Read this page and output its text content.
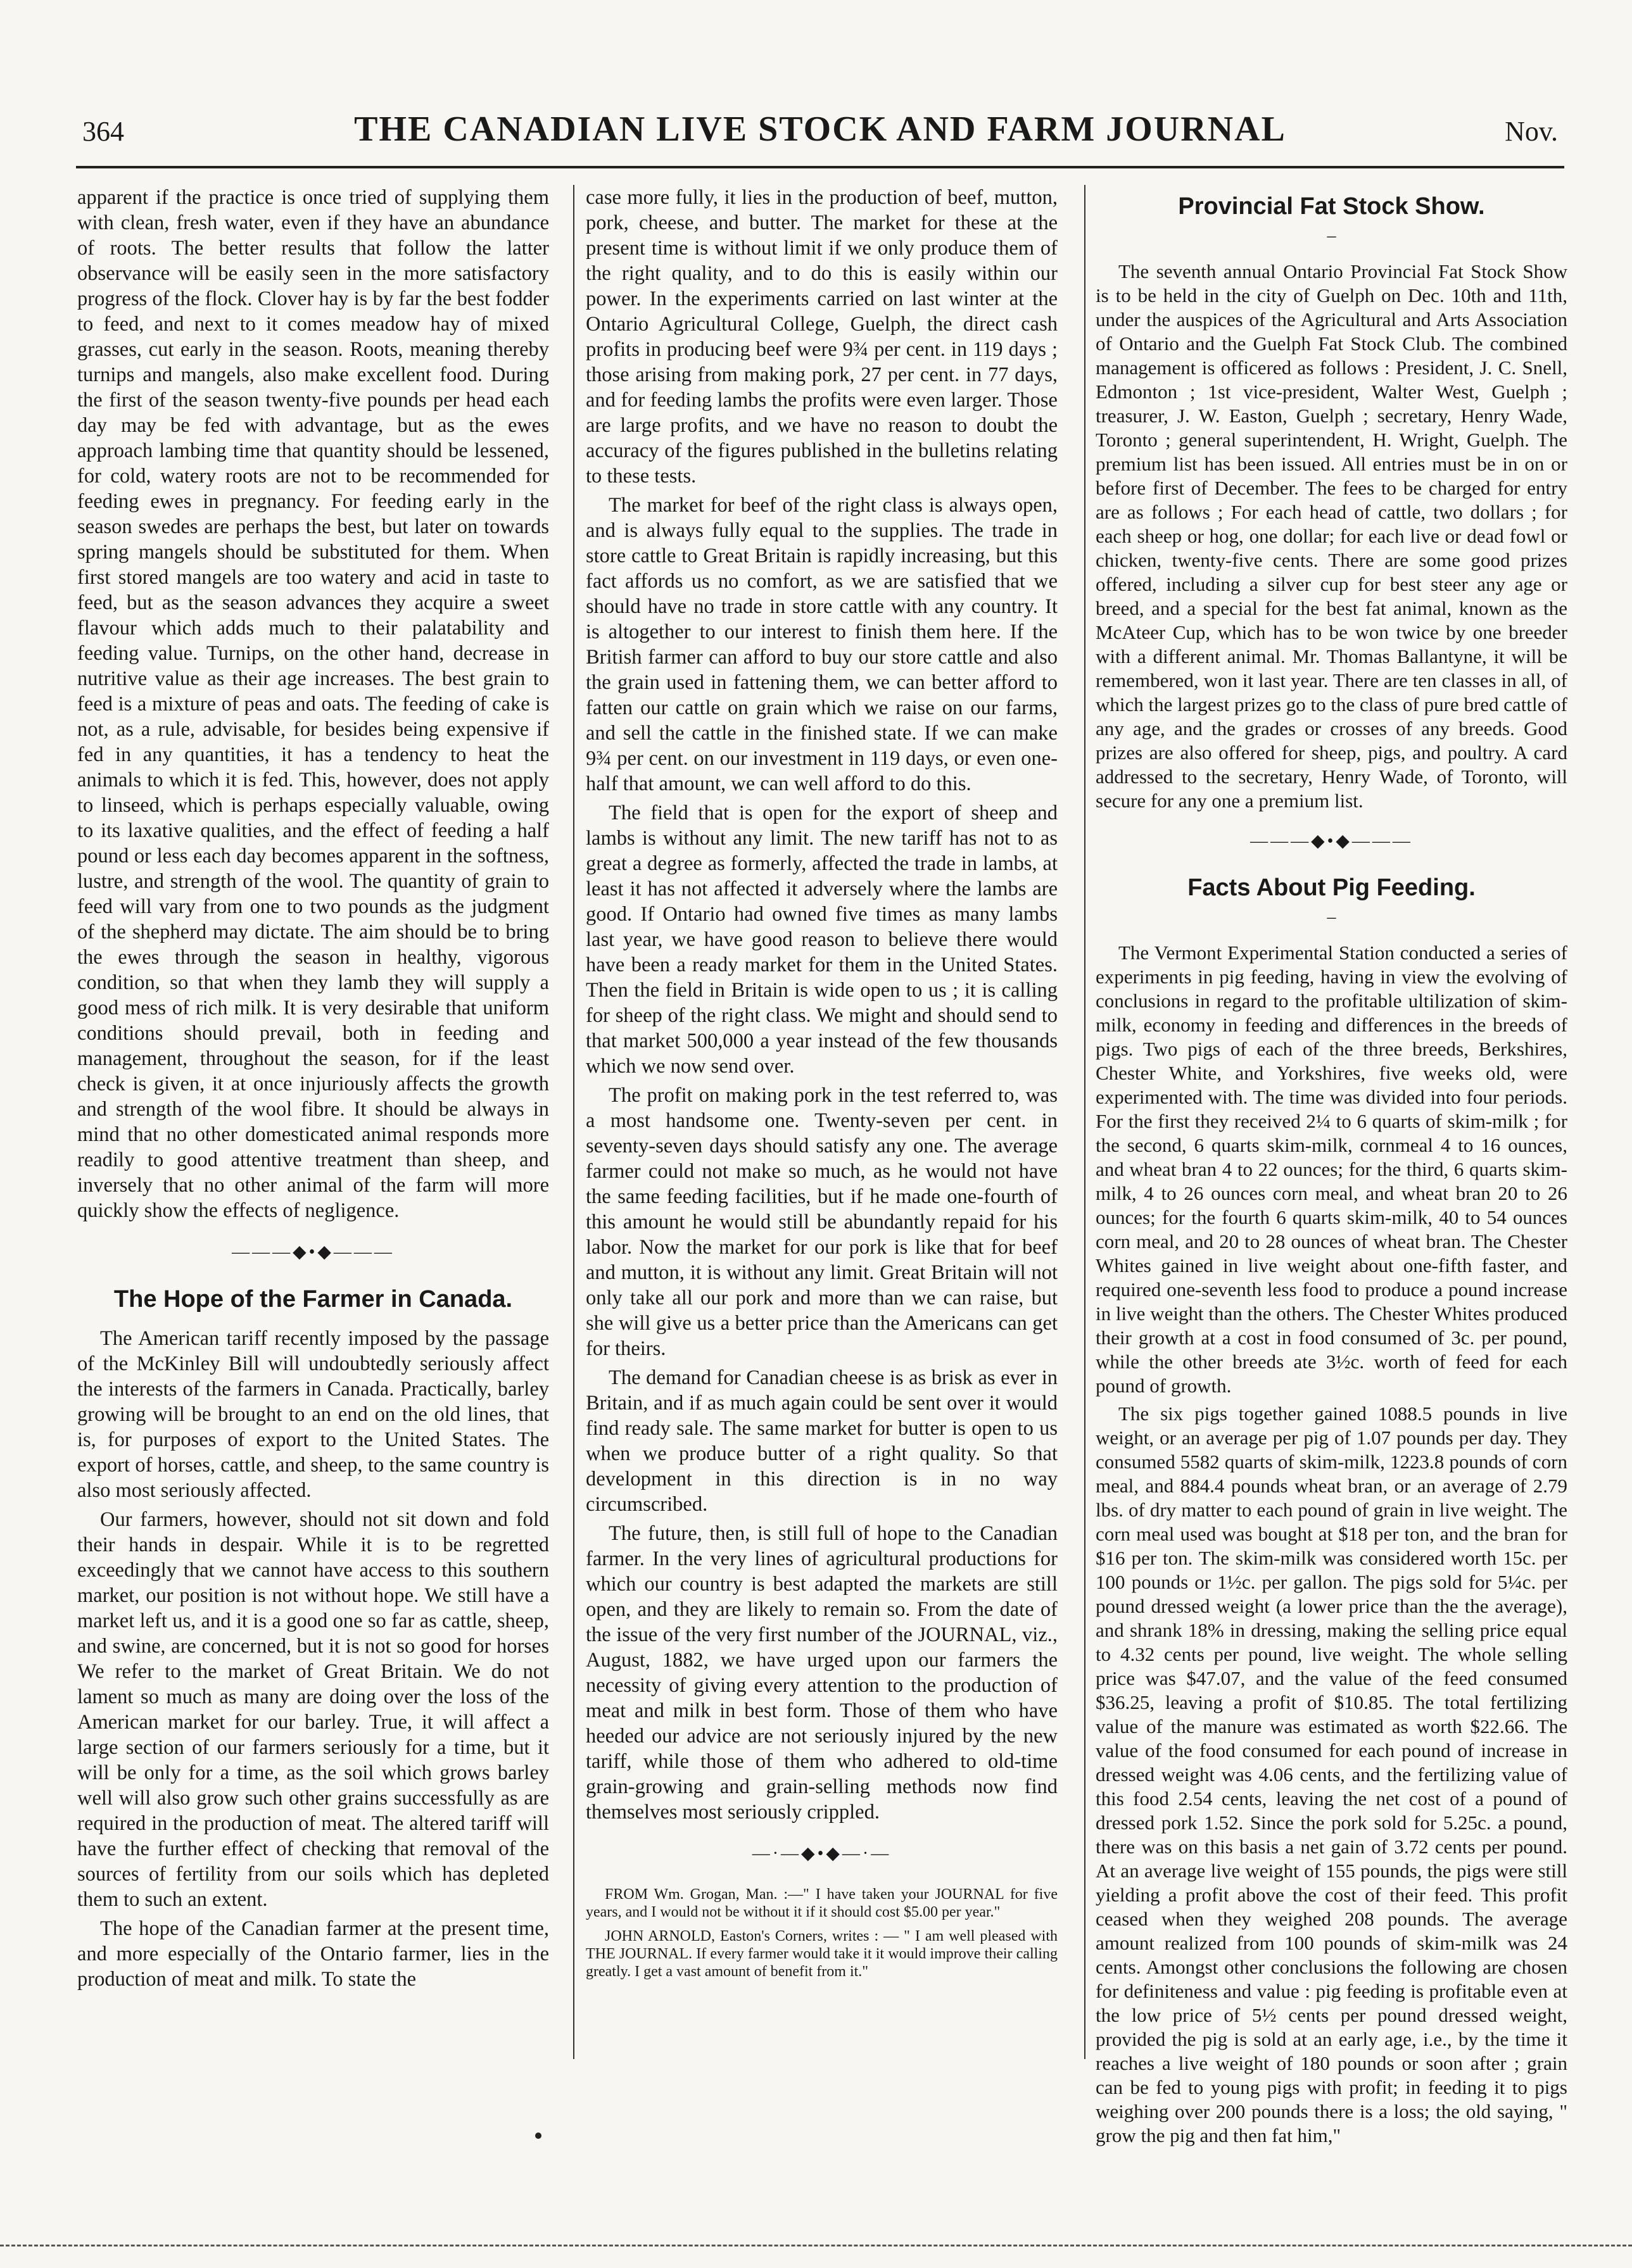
364	THE CANADIAN LIVE STOCK AND FARM JOURNAL	Nov.

apparent if the practice is once tried of supplying them with clean, fresh water, even if they have an abundance of roots. The better results that follow the latter observance will be easily seen in the more satisfactory progress of the flock. Clover hay is by far the best fodder to feed, and next to it comes meadow hay of mixed grasses, cut early in the season. Roots, meaning thereby turnips and mangels, also make excellent food. During the first of the season twenty-five pounds per head each day may be fed with advantage, but as the ewes approach lambing time that quantity should be lessened, for cold, watery roots are not to be recommended for feeding ewes in pregnancy. For feeding early in the season swedes are perhaps the best, but later on towards spring mangels should be substituted for them. When first stored mangels are too watery and acid in taste to feed, but as the season advances they acquire a sweet flavour which adds much to their palatability and feeding value. Turnips, on the other hand, decrease in nutritive value as their age increases. The best grain to feed is a mixture of peas and oats. The feeding of cake is not, as a rule, advisable, for besides being expensive if fed in any quantities, it has a tendency to heat the animals to which it is fed. This, however, does not apply to linseed, which is perhaps especially valuable, owing to its laxative qualities, and the effect of feeding a half pound or less each day becomes apparent in the softness, lustre, and strength of the wool. The quantity of grain to feed will vary from one to two pounds as the judgment of the shepherd may dictate. The aim should be to bring the ewes through the season in healthy, vigorous condition, so that when they lamb they will supply a good mess of rich milk. It is very desirable that uniform conditions should prevail, both in feeding and management, throughout the season, for if the least check is given, it at once injuriously affects the growth and strength of the wool fibre. It should be always in mind that no other domesticated animal responds more readily to good attentive treatment than sheep, and inversely that no other animal of the farm will more quickly show the effects of negligence.

———◆•◆———
The Hope of the Farmer in Canada.

The American tariff recently imposed by the passage of the McKinley Bill will undoubtedly seriously affect the interests of the farmers in Canada. Practically, barley growing will be brought to an end on the old lines, that is, for purposes of export to the United States. The export of horses, cattle, and sheep, to the same country is also most seriously affected.

Our farmers, however, should not sit down and fold their hands in despair. While it is to be regretted exceedingly that we cannot have access to this southern market, our position is not without hope. We still have a market left us, and it is a good one so far as cattle, sheep, and swine, are concerned, but it is not so good for horses We refer to the market of Great Britain. We do not lament so much as many are doing over the loss of the American market for our barley. True, it will affect a large section of our farmers seriously for a time, but it will be only for a time, as the soil which grows barley well will also grow such other grains successfully as are required in the production of meat. The altered tariff will have the further effect of checking that removal of the sources of fertility from our soils which has depleted them to such an extent.

The hope of the Canadian farmer at the present time, and more especially of the Ontario farmer, lies in the production of meat and milk. To state the

case more fully, it lies in the production of beef, mutton, pork, cheese, and butter. The market for these at the present time is without limit if we only produce them of the right quality, and to do this is easily within our power. In the experiments carried on last winter at the Ontario Agricultural College, Guelph, the direct cash profits in producing beef were 9¾ per cent. in 119 days ; those arising from making pork, 27 per cent. in 77 days, and for feeding lambs the profits were even larger. Those are large profits, and we have no reason to doubt the accuracy of the figures published in the bulletins relating to these tests.

The market for beef of the right class is always open, and is always fully equal to the supplies. The trade in store cattle to Great Britain is rapidly increasing, but this fact affords us no comfort, as we are satisfied that we should have no trade in store cattle with any country. It is altogether to our interest to finish them here. If the British farmer can afford to buy our store cattle and also the grain used in fattening them, we can better afford to fatten our cattle on grain which we raise on our farms, and sell the cattle in the finished state. If we can make 9¾ per cent. on our investment in 119 days, or even one-half that amount, we can well afford to do this.

The field that is open for the export of sheep and lambs is without any limit. The new tariff has not to as great a degree as formerly, affected the trade in lambs, at least it has not affected it adversely where the lambs are good. If Ontario had owned five times as many lambs last year, we have good reason to believe there would have been a ready market for them in the United States. Then the field in Britain is wide open to us ; it is calling for sheep of the right class. We might and should send to that market 500,000 a year instead of the few thousands which we now send over.

The profit on making pork in the test referred to, was a most handsome one. Twenty-seven per cent. in seventy-seven days should satisfy any one. The average farmer could not make so much, as he would not have the same feeding facilities, but if he made one-fourth of this amount he would still be abundantly repaid for his labor. Now the market for our pork is like that for beef and mutton, it is without any limit. Great Britain will not only take all our pork and more than we can raise, but she will give us a better price than the Americans can get for theirs.

The demand for Canadian cheese is as brisk as ever in Britain, and if as much again could be sent over it would find ready sale. The same market for butter is open to us when we produce butter of a right quality. So that development in this direction is in no way circumscribed.

The future, then, is still full of hope to the Canadian farmer. In the very lines of agricultural productions for which our country is best adapted the markets are still open, and they are likely to remain so. From the date of the issue of the very first number of the JOURNAL, viz., August, 1882, we have urged upon our farmers the necessity of giving every attention to the production of meat and milk in best form. Those of them who have heeded our advice are not seriously injured by the new tariff, while those of them who adhered to old-time grain-growing and grain-selling methods now find themselves most seriously crippled.

—·—◆•◆—·—

FROM Wm. Grogan, Man. :—" I have taken your JOURNAL for five years, and I would not be without it if it should cost $5.00 per year."

JOHN ARNOLD, Easton's Corners, writes : — " I am well pleased with THE JOURNAL. If every farmer would take it it would improve their calling greatly. I get a vast amount of benefit from it."

Provincial Fat Stock Show.
–

The seventh annual Ontario Provincial Fat Stock Show is to be held in the city of Guelph on Dec. 10th and 11th, under the auspices of the Agricultural and Arts Association of Ontario and the Guelph Fat Stock Club. The combined management is officered as follows : President, J. C. Snell, Edmonton ; 1st vice-president, Walter West, Guelph ; treasurer, J. W. Easton, Guelph ; secretary, Henry Wade, Toronto ; general superintendent, H. Wright, Guelph. The premium list has been issued. All entries must be in on or before first of December. The fees to be charged for entry are as follows ; For each head of cattle, two dollars ; for each sheep or hog, one dollar; for each live or dead fowl or chicken, twenty-five cents. There are some good prizes offered, including a silver cup for best steer any age or breed, and a special for the best fat animal, known as the McAteer Cup, which has to be won twice by one breeder with a different animal. Mr. Thomas Ballantyne, it will be remembered, won it last year. There are ten classes in all, of which the largest prizes go to the class of pure bred cattle of any age, and the grades or crosses of any breeds. Good prizes are also offered for sheep, pigs, and poultry. A card addressed to the secretary, Henry Wade, of Toronto, will secure for any one a premium list.

———◆•◆———
Facts About Pig Feeding.
–

The Vermont Experimental Station conducted a series of experiments in pig feeding, having in view the evolving of conclusions in regard to the profitable ultilization of skim-milk, economy in feeding and differences in the breeds of pigs. Two pigs of each of the three breeds, Berkshires, Chester White, and Yorkshires, five weeks old, were experimented with. The time was divided into four periods. For the first they received 2¼ to 6 quarts of skim-milk ; for the second, 6 quarts skim-milk, cornmeal 4 to 16 ounces, and wheat bran 4 to 22 ounces; for the third, 6 quarts skim-milk, 4 to 26 ounces corn meal, and wheat bran 20 to 26 ounces; for the fourth 6 quarts skim-milk, 40 to 54 ounces corn meal, and 20 to 28 ounces of wheat bran. The Chester Whites gained in live weight about one-fifth faster, and required one-seventh less food to produce a pound increase in live weight than the others. The Chester Whites produced their growth at a cost in food consumed of 3c. per pound, while the other breeds ate 3½c. worth of feed for each pound of growth.

The six pigs together gained 1088.5 pounds in live weight, or an average per pig of 1.07 pounds per day. They consumed 5582 quarts of skim-milk, 1223.8 pounds of corn meal, and 884.4 pounds wheat bran, or an average of 2.79 lbs. of dry matter to each pound of grain in live weight. The corn meal used was bought at $18 per ton, and the bran for $16 per ton. The skim-milk was considered worth 15c. per 100 pounds or 1½c. per gallon. The pigs sold for 5¼c. per pound dressed weight (a lower price than the the average), and shrank 18% in dressing, making the selling price equal to 4.32 cents per pound, live weight. The whole selling price was $47.07, and the value of the feed consumed $36.25, leaving a profit of $10.85. The total fertilizing value of the manure was estimated as worth $22.66. The value of the food consumed for each pound of increase in dressed weight was 4.06 cents, and the fertilizing value of this food 2.54 cents, leaving the net cost of a pound of dressed pork 1.52. Since the pork sold for 5.25c. a pound, there was on this basis a net gain of 3.72 cents per pound. At an average live weight of 155 pounds, the pigs were still yielding a profit above the cost of their feed. This profit ceased when they weighed 208 pounds. The average amount realized from 100 pounds of skim-milk was 24 cents. Amongst other conclusions the following are chosen for definiteness and value : pig feeding is profitable even at the low price of 5½ cents per pound dressed weight, provided the pig is sold at an early age, i.e., by the time it reaches a live weight of 180 pounds or soon after ; grain can be fed to young pigs with profit; in feeding it to pigs weighing over 200 pounds there is a loss; the old saying, " grow the pig and then fat him,"
